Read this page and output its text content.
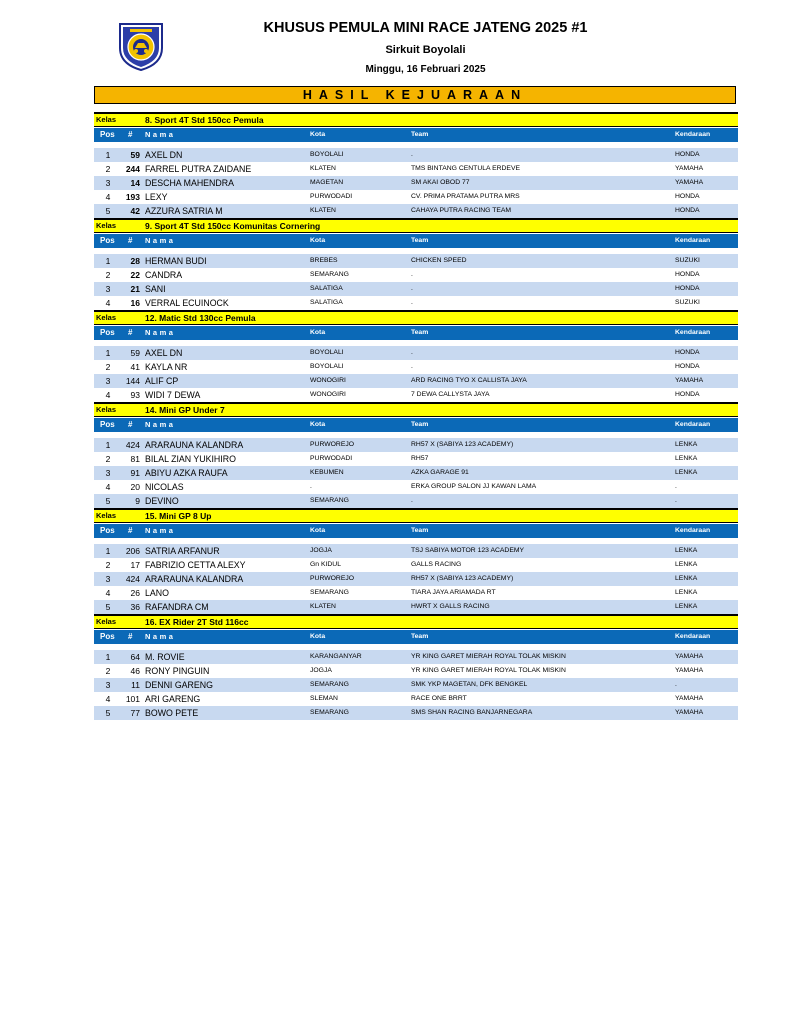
KHUSUS PEMULA MINI RACE JATENG 2025 #1
Sirkuit Boyolali
Minggu, 16 Februari 2025
HASIL KEJUARAAN
Kelas	8. Sport 4T Std 150cc Pemula
Pos # Nama	Kota	Team	Kendaraan
1	59 AXEL DN	BOYOLALI	.	HONDA
2	244 FARREL PUTRA ZAIDANE	KLATEN	TMS BINTANG CENTULA ERDEVE	YAMAHA
3	14 DESCHA MAHENDRA	MAGETAN	SM AKAI OBOD 77	YAMAHA
4	193 LEXY	PURWODADI	CV. PRIMA PRATAMA PUTRA MRS	HONDA
5	42 AZZURA SATRIA M	KLATEN	CAHAYA PUTRA RACING TEAM	HONDA
Kelas	9. Sport 4T Std 150cc Komunitas Cornering
Pos # Nama	Kota	Team	Kendaraan
1	28 HERMAN BUDI	BREBES	CHICKEN SPEED	SUZUKI
2	22 CANDRA	SEMARANG	.	HONDA
3	21 SANI	SALATIGA	.	HONDA
4	16 VERRAL ECUINOCK	SALATIGA	.	SUZUKI
Kelas	12. Matic Std 130cc Pemula
Pos # Nama	Kota	Team	Kendaraan
1	59 AXEL DN	BOYOLALI	.	HONDA
2	41 KAYLA NR	BOYOLALI	.	HONDA
3	144 ALIF CP	WONOGIRI	ARD RACING TYO X CALLISTA JAYA	YAMAHA
4	93 WIDI 7 DEWA	WONOGIRI	7 DEWA CALLYSTA JAYA	HONDA
Kelas	14. Mini GP Under 7
Pos # Nama	Kota	Team	Kendaraan
1	424 ARARAUNA KALANDRA	PURWOREJO	RH57 X (SABIYA 123 ACADEMY)	LENKA
2	81 BILAL ZIAN YUKIHIRO	PURWODADI	RH57	LENKA
3	91 ABIYU AZKA RAUFA	KEBUMEN	AZKA GARAGE 91	LENKA
4	20 NICOLAS	.	ERKA GROUP SALON JJ KAWAN LAMA	.
5	9 DEVINO	SEMARANG	.	.
Kelas	15. Mini GP 8 Up
Pos # Nama	Kota	Team	Kendaraan
1	206 SATRIA ARFANUR	JOGJA	TSJ SABIYA MOTOR 123 ACADEMY	LENKA
2	17 FABRIZIO CETTA ALEXY	Gn KIDUL	GALLS RACING	LENKA
3	424 ARARAUNA KALANDRA	PURWOREJO	RH57 X (SABIYA 123 ACADEMY)	LENKA
4	26 LANO	SEMARANG	TIARA JAYA ARIAMADA RT	LENKA
5	36 RAFANDRA CM	KLATEN	HWRT X GALLS RACING	LENKA
Kelas	16. EX Rider 2T Std 116cc
Pos # Nama	Kota	Team	Kendaraan
1	64 M. ROVIE	KARANGANYAR	YR KING GARET MIERAH ROYAL TOLAK MISKIN	YAMAHA
2	46 RONY PINGUIN	JOGJA	YR KING GARET MIERAH ROYAL TOLAK MISKIN	YAMAHA
3	11 DENNI GARENG	SEMARANG	SMK YKP MAGETAN, DFK BENGKEL	.
4	101 ARI GARENG	SLEMAN	RACE ONE BRRT	YAMAHA
5	77 BOWO PETE	SEMARANG	SMS SHAN RACING BANJARNEGARA	YAMAHA
